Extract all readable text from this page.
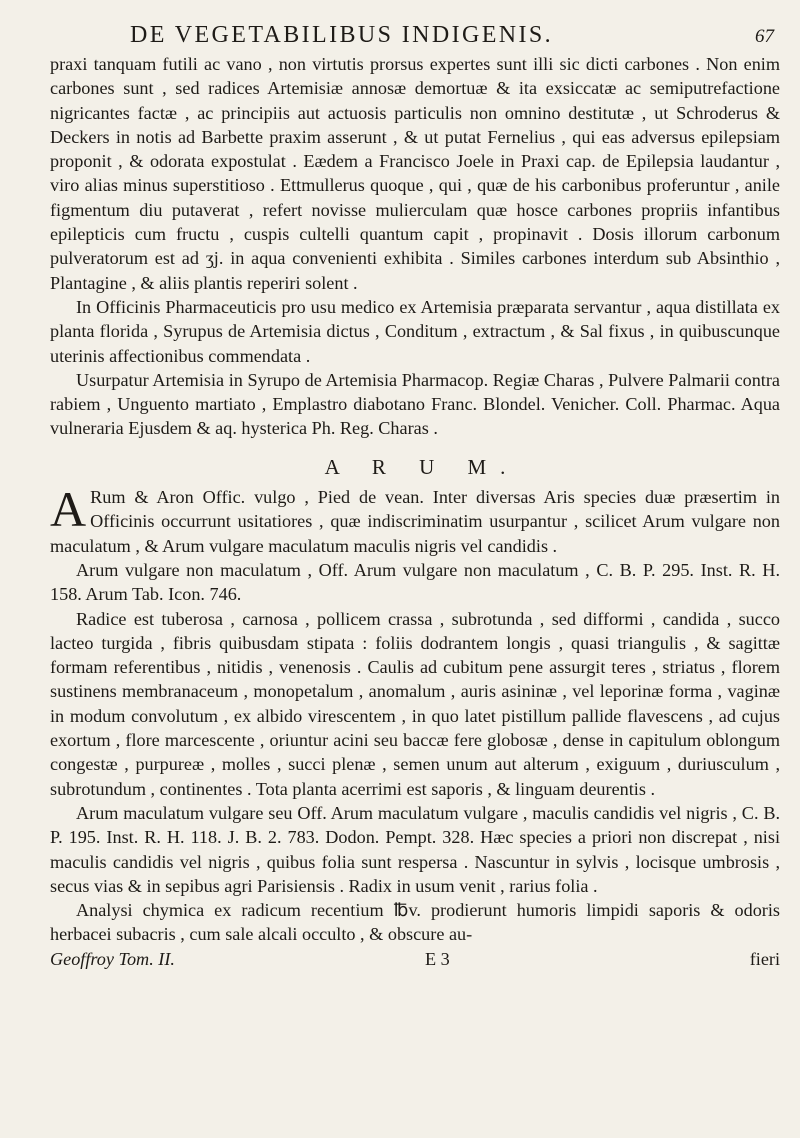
DE VEGETABILIBUS INDIGENIS.	67

praxi tanquam futili ac vano , non virtutis prorsus expertes sunt illi sic dicti carbones . Non enim carbones sunt , sed radices Artemisiæ annosæ demortuæ & ita exsiccatæ ac semiputrefactione nigricantes factæ , ac principiis aut actuosis particulis non omnino destitutæ , ut Schroderus & Deckers in notis ad Barbette praxim asserunt , & ut putat Fernelius , qui eas adversus epilepsiam proponit , & odorata expostulat . Eædem a Francisco Joele in Praxi cap. de Epilepsia laudantur , viro alias minus superstitioso . Ettmullerus quoque , qui , quæ de his carbonibus proferuntur , anile figmentum diu putaverat , refert novisse mulierculam quæ hosce carbones propriis infantibus epilepticis cum fructu , cuspis cultelli quantum capit , propinavit . Dosis illorum carbonum pulveratorum est ad ʒj. in aqua convenienti exhibita . Similes carbones interdum sub Absinthio , Plantagine , & aliis plantis reperiri solent .

In Officinis Pharmaceuticis pro usu medico ex Artemisia præparata servantur , aqua distillata ex planta florida , Syrupus de Artemisia dictus , Conditum , extractum , & Sal fixus , in quibuscunque uterinis affectionibus commendata .

Usurpatur Artemisia in Syrupo de Artemisia Pharmacop. Regiæ Charas , Pulvere Palmarii contra rabiem , Unguento martiato , Emplastro diabotano Franc. Blondel. Venicher. Coll. Pharmac. Aqua vulneraria Ejusdem & aq. hysterica Ph. Reg. Charas .

A R U M.

ARum & Aron Offic. vulgo , Pied de vean. Inter diversas Aris species duæ præsertim in Officinis occurrunt usitatiores , quæ indiscriminatim usurpantur , scilicet Arum vulgare non maculatum , & Arum vulgare maculatum maculis nigris vel candidis .

Arum vulgare non maculatum , Off. Arum vulgare non maculatum , C. B. P. 295. Inst. R. H. 158. Arum Tab. Icon. 746.

Radice est tuberosa , carnosa , pollicem crassa , subrotunda , sed difformi , candida , succo lacteo turgida , fibris quibusdam stipata : foliis dodrantem longis , quasi triangulis , & sagittæ formam referentibus , nitidis , venenosis . Caulis ad cubitum pene assurgit teres , striatus , florem sustinens membranaceum , monopetalum , anomalum , auris asininæ , vel leporinæ forma , vaginæ in modum convolutum , ex albido virescentem , in quo latet pistillum pallide flavescens , ad cujus exortum , flore marcescente , oriuntur acini seu baccæ fere globosæ , dense in capitulum oblongum congestæ , purpureæ , molles , succi plenæ , semen unum aut alterum , exiguum , duriusculum , subrotundum , continentes . Tota planta acerrimi est saporis , & linguam deurentis .

Arum maculatum vulgare seu Off. Arum maculatum vulgare , maculis candidis vel nigris , C. B. P. 195. Inst. R. H. 118. J. B. 2. 783. Dodon. Pempt. 328. Hæc species a priori non discrepat , nisi maculis candidis vel nigris , quibus folia sunt respersa . Nascuntur in sylvis , locisque umbrosis , secus vias & in sepibus agri Parisiensis . Radix in usum venit , rarius folia .

Analysi chymica ex radicum recentium ℔v. prodierunt humoris limpidi saporis & odoris herbacei subacris , cum sale alcali occulto , & obscure au-

Geoffroy Tom. II.	E 3	fieri
